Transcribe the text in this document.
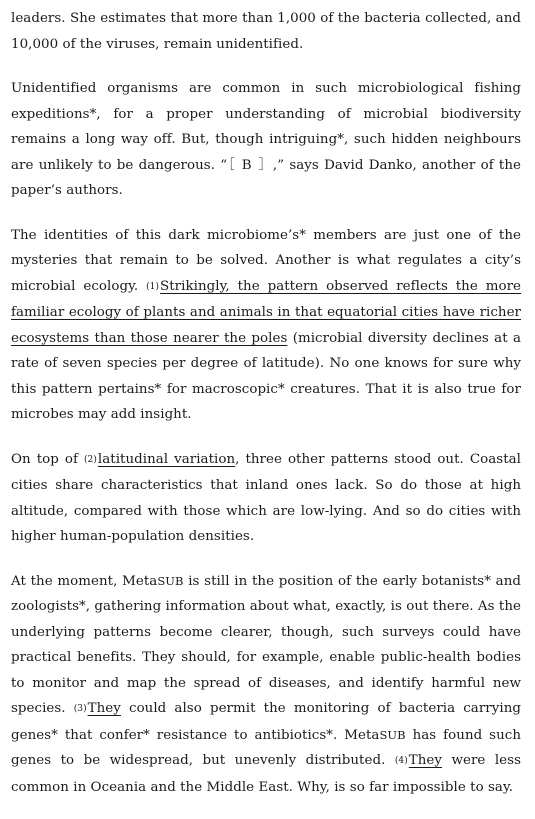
leaders. She estimates that more than 1,000 of the bacteria collected, and 10,000 of the viruses, remain unidentified.

Unidentified organisms are common in such microbiological fishing expeditions*, for a proper understanding of microbial biodiversity remains a long way off. But, though intriguing*, such hidden neighbours are unlikely to be dangerous. “［ B ］,” says David Danko, another of the paper’s authors.

The identities of this dark microbiome’s* members are just one of the mysteries that remain to be solved. Another is what regulates a city’s microbial ecology. (1)Strikingly, the pattern observed reflects the more familiar ecology of plants and animals in that equatorial cities have richer ecosystems than those nearer the poles (microbial diversity declines at a rate of seven species per degree of latitude). No one knows for sure why this pattern pertains* for macroscopic* creatures. That it is also true for microbes may add insight.

On top of (2)latitudinal variation, three other patterns stood out. Coastal cities share characteristics that inland ones lack. So do those at high altitude, compared with those which are low-lying. And so do cities with higher human-population densities.

At the moment, MetaSUB is still in the position of the early botanists* and zoologists*, gathering information about what, exactly, is out there. As the underlying patterns become clearer, though, such surveys could have practical benefits. They should, for example, enable public-health bodies to monitor and map the spread of diseases, and identify harmful new species. (3)They could also permit the monitoring of bacteria carrying genes* that confer* resistance to antibiotics*. MetaSUB has found such genes to be widespread, but unevenly distributed. (4)They were less common in Oceania and the Middle East. Why, is so far impossible to say.
